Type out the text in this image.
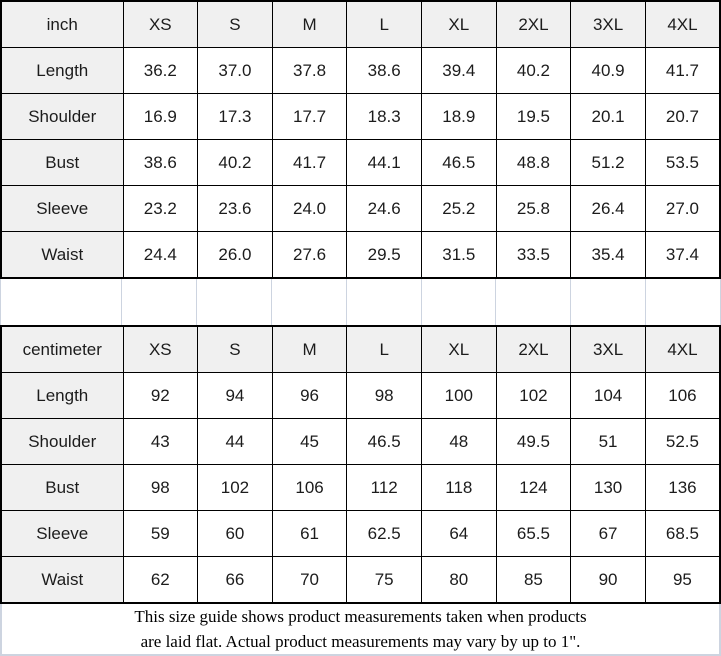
inch	XS	S	M	L	XL	2XL	3XL	4XL
Length	36.2	37.0	37.8	38.6	39.4	40.2	40.9	41.7
Shoulder	16.9	17.3	17.7	18.3	18.9	19.5	20.1	20.7
Bust	38.6	40.2	41.7	44.1	46.5	48.8	51.2	53.5
Sleeve	23.2	23.6	24.0	24.6	25.2	25.8	26.4	27.0
Waist	24.4	26.0	27.6	29.5	31.5	33.5	35.4	37.4
centimeter	XS	S	M	L	XL	2XL	3XL	4XL
Length	92	94	96	98	100	102	104	106
Shoulder	43	44	45	46.5	48	49.5	51	52.5
Bust	98	102	106	112	118	124	130	136
Sleeve	59	60	61	62.5	64	65.5	67	68.5
Waist	62	66	70	75	80	85	90	95
This size guide shows product measurements taken when products
are laid flat. Actual product measurements may vary by up to 1".
